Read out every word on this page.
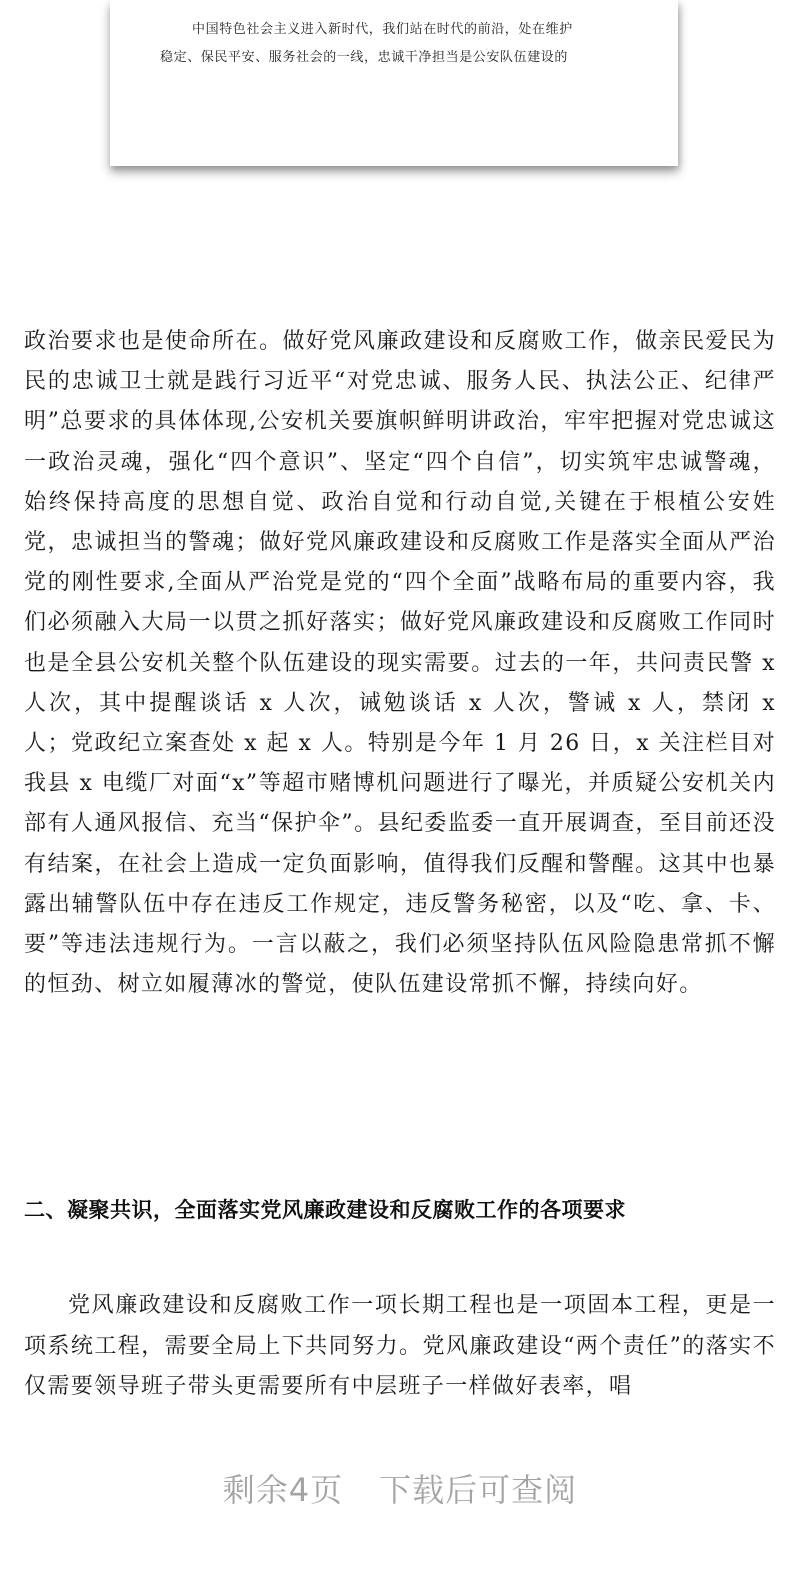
中国特色社会主义进入新时代，我们站在时代的前沿，处在维护

稳定、保民平安、服务社会的一线，忠诚干净担当是公安队伍建设的

政治要求也是使命所在。做好党风廉政建设和反腐败工作，做亲民爱民为民的忠诚卫士就是践行习近平“对党忠诚、服务人民、执法公正、纪律严明”总要求的具体体现,公安机关要旗帜鲜明讲政治，牢牢把握对党忠诚这一政治灵魂，强化“四个意识”、坚定“四个自信”，切实筑牢忠诚警魂，始终保持高度的思想自觉、政治自觉和行动自觉,关键在于根植公安姓党，忠诚担当的警魂；做好党风廉政建设和反腐败工作是落实全面从严治党的刚性要求,全面从严治党是党的“四个全面”战略布局的重要内容，我们必须融入大局一以贯之抓好落实；做好党风廉政建设和反腐败工作同时也是全县公安机关整个队伍建设的现实需要。过去的一年，共问责民警 x 人次，其中提醒谈话 x 人次，诫勉谈话 x 人次，警诫 x 人，禁闭 x 人；党政纪立案查处 x 起 x 人。特别是今年 1 月 26 日，x 关注栏目对我县 x 电缆厂对面“x”等超市赌博机问题进行了曝光，并质疑公安机关内部有人通风报信、充当“保护伞”。县纪委监委一直开展调查，至目前还没有结案，在社会上造成一定负面影响，值得我们反醒和警醒。这其中也暴露出辅警队伍中存在违反工作规定，违反警务秘密，以及“吃、拿、卡、要”等违法违规行为。一言以蔽之，我们必须坚持队伍风险隐患常抓不懈的恒劲、树立如履薄冰的警觉，使队伍建设常抓不懈，持续向好。

二、凝聚共识，全面落实党风廉政建设和反腐败工作的各项要求

党风廉政建设和反腐败工作一项长期工程也是一项固本工程，更是一项系统工程，需要全局上下共同努力。党风廉政建设“两个责任”的落实不仅需要领导班子带头更需要所有中层班子一样做好表率，唱

剩余4页 下载后可查阅
